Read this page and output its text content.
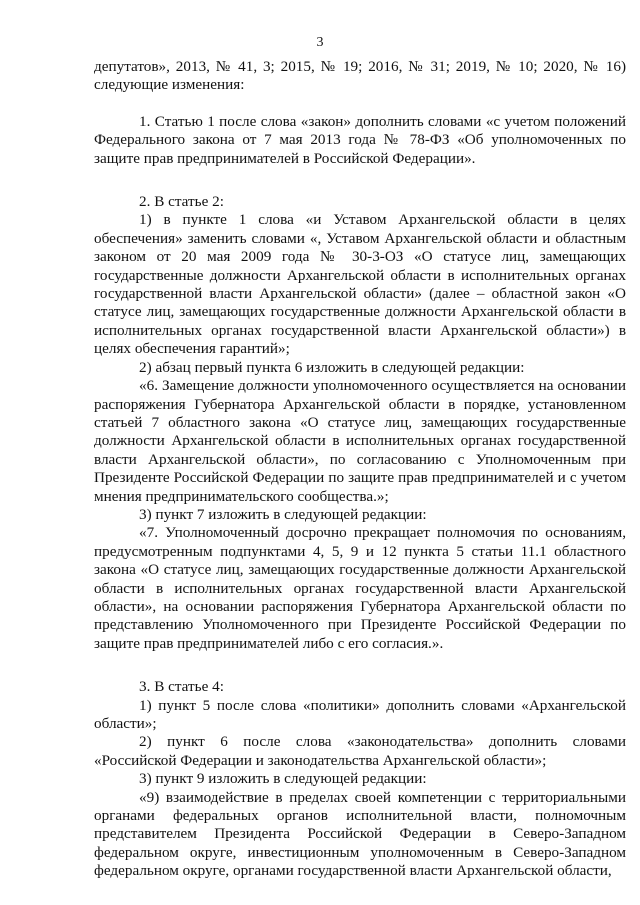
3

депутатов», 2013, № 41, 3; 2015, № 19; 2016, № 31; 2019, № 10; 2020, № 16) следующие изменения:

1. Статью 1 после слова «закон» дополнить словами «с учетом положений Федерального закона от 7 мая 2013 года № 78-ФЗ «Об уполномоченных по защите прав предпринимателей в Российской Федерации».

2. В статье 2:

1) в пункте 1 слова «и Уставом Архангельской области в целях обеспечения» заменить словами «, Уставом Архангельской области и областным законом от 20 мая 2009 года № 30-3-ОЗ «О статусе лиц, замещающих государственные должности Архангельской области в исполнительных органах государственной власти Архангельской области» (далее – областной закон «О статусе лиц, замещающих государственные должности Архангельской области в исполнительных органах государственной власти Архангельской области») в целях обеспечения гарантий»;

2) абзац первый пункта 6 изложить в следующей редакции:

«6. Замещение должности уполномоченного осуществляется на основании распоряжения Губернатора Архангельской области в порядке, установленном статьей 7 областного закона «О статусе лиц, замещающих государственные должности Архангельской области в исполнительных органах государственной власти Архангельской области», по согласованию с Уполномоченным при Президенте Российской Федерации по защите прав предпринимателей и с учетом мнения предпринимательского сообщества.»;

3) пункт 7 изложить в следующей редакции:

«7. Уполномоченный досрочно прекращает полномочия по основаниям, предусмотренным подпунктами 4, 5, 9 и 12 пункта 5 статьи 11.1 областного закона «О статусе лиц, замещающих государственные должности Архангельской области в исполнительных органах государственной власти Архангельской области», на основании распоряжения Губернатора Архангельской области по представлению Уполномоченного при Президенте Российской Федерации по защите прав предпринимателей либо с его согласия.».

3. В статье 4:

1) пункт 5 после слова «политики» дополнить словами «Архангельской области»;

2) пункт 6 после слова «законодательства» дополнить словами «Российской Федерации и законодательства Архангельской области»;

3) пункт 9 изложить в следующей редакции:

«9) взаимодействие в пределах своей компетенции с территориальными органами федеральных органов исполнительной власти, полномочным представителем Президента Российской Федерации в Северо-Западном федеральном округе, инвестиционным уполномоченным в Северо-Западном федеральном округе, органами государственной власти Архангельской области,
